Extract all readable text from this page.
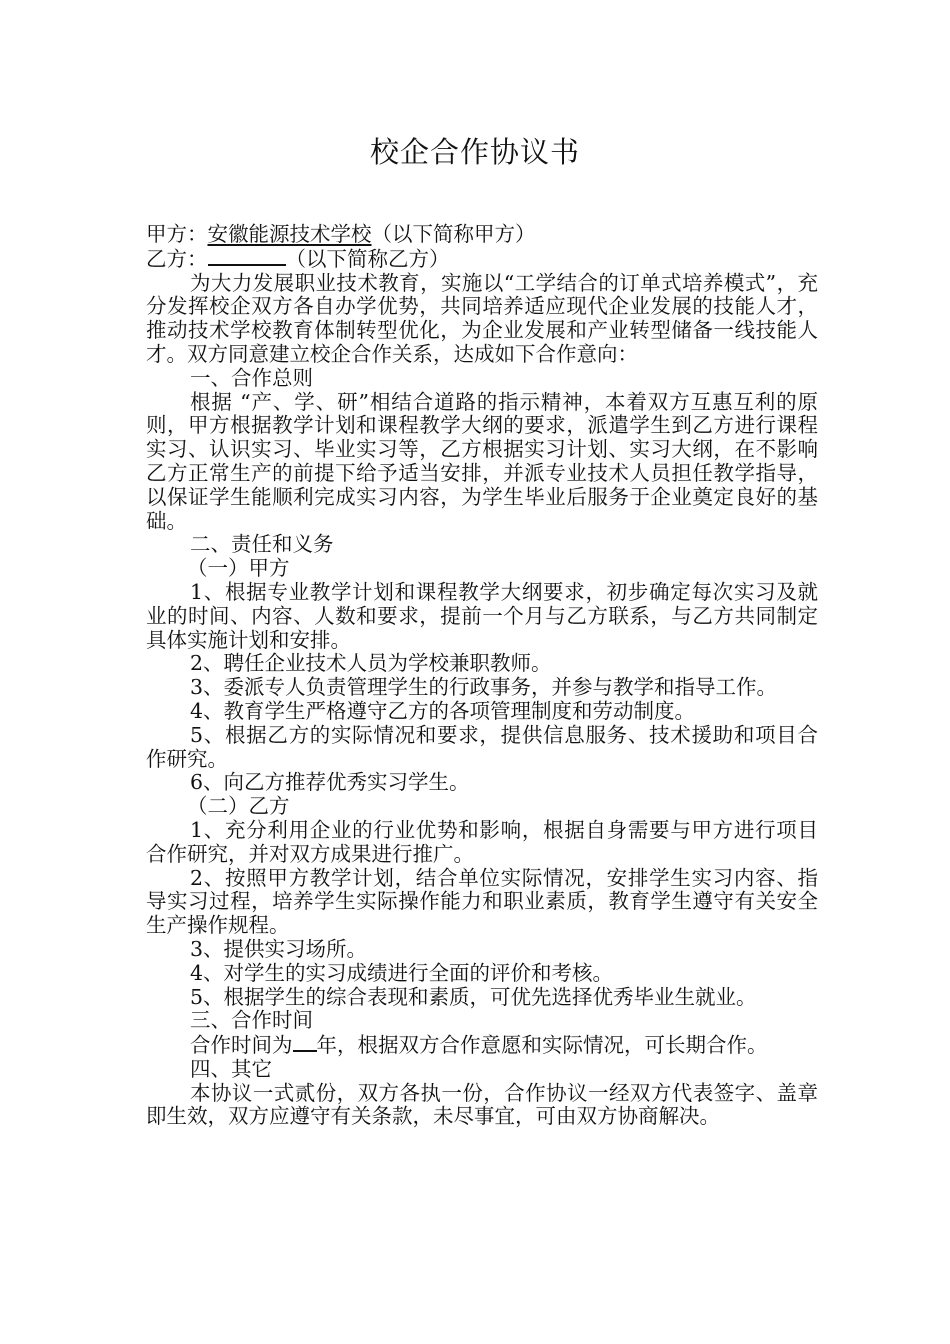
校企合作协议书

甲方：安徽能源技术学校（以下简称甲方）

乙方：	（以下简称乙方）

为大力发展职业技术教育，实施以“工学结合的订单式培养模式”，充分发挥校企双方各自办学优势，共同培养适应现代企业发展的技能人才，推动技术学校教育体制转型优化，为企业发展和产业转型储备一线技能人才。双方同意建立校企合作关系，达成如下合作意向：

一、合作总则

根据 “产、学、研”相结合道路的指示精神，本着双方互惠互利的原则，甲方根据教学计划和课程教学大纲的要求，派遣学生到乙方进行课程实习、认识实习、毕业实习等，乙方根据实习计划、实习大纲，在不影响乙方正常生产的前提下给予适当安排，并派专业技术人员担任教学指导，以保证学生能顺利完成实习内容，为学生毕业后服务于企业奠定良好的基础。

二、责任和义务

（一）甲方

1、根据专业教学计划和课程教学大纲要求，初步确定每次实习及就业的时间、内容、人数和要求，提前一个月与乙方联系，与乙方共同制定具体实施计划和安排。

2、聘任企业技术人员为学校兼职教师。

3、委派专人负责管理学生的行政事务，并参与教学和指导工作。

4、教育学生严格遵守乙方的各项管理制度和劳动制度。

5、根据乙方的实际情况和要求，提供信息服务、技术援助和项目合作研究。

6、向乙方推荐优秀实习学生。

（二）乙方

1、充分利用企业的行业优势和影响，根据自身需要与甲方进行项目合作研究，并对双方成果进行推广。

2、按照甲方教学计划，结合单位实际情况，安排学生实习内容、指导实习过程，培养学生实际操作能力和职业素质，教育学生遵守有关安全生产操作规程。

3、提供实习场所。

4、对学生的实习成绩进行全面的评价和考核。

5、根据学生的综合表现和素质，可优先选择优秀毕业生就业。

三、合作时间

合作时间为 年，根据双方合作意愿和实际情况，可长期合作。

四、其它

本协议一式贰份，双方各执一份，合作协议一经双方代表签字、盖章即生效，双方应遵守有关条款，未尽事宜，可由双方协商解决。
